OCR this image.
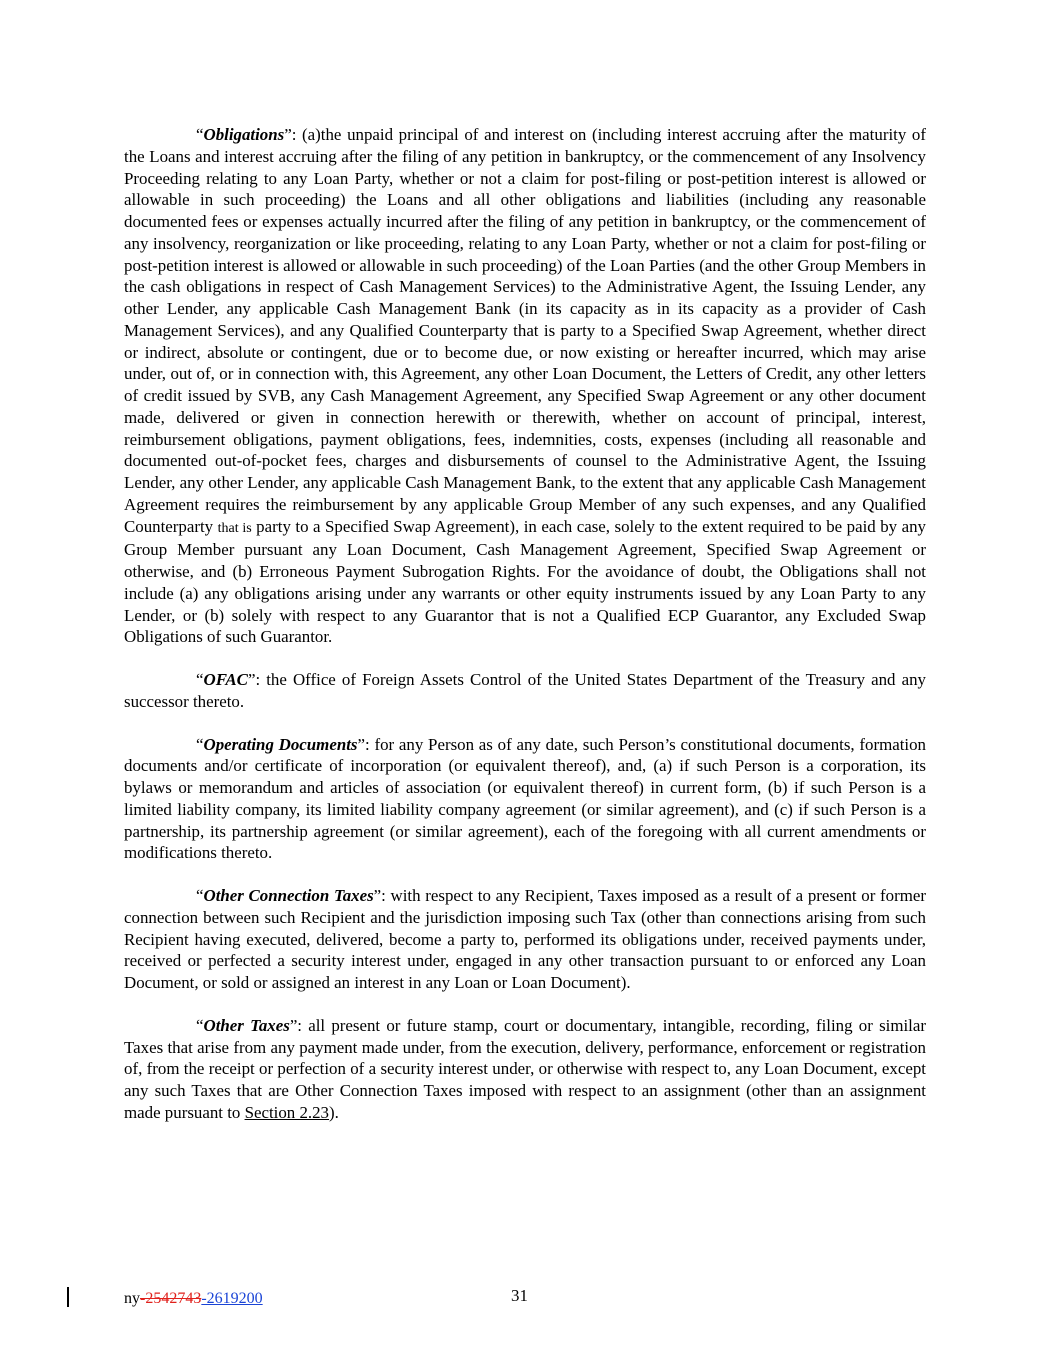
“Obligations”: (a)the unpaid principal of and interest on (including interest accruing after the maturity of the Loans and interest accruing after the filing of any petition in bankruptcy, or the commencement of any Insolvency Proceeding relating to any Loan Party, whether or not a claim for post-filing or post-petition interest is allowed or allowable in such proceeding) the Loans and all other obligations and liabilities (including any reasonable documented fees or expenses actually incurred after the filing of any petition in bankruptcy, or the commencement of any insolvency, reorganization or like proceeding, relating to any Loan Party, whether or not a claim for post-filing or post-petition interest is allowed or allowable in such proceeding) of the Loan Parties (and the other Group Members in the cash obligations in respect of Cash Management Services) to the Administrative Agent, the Issuing Lender, any other Lender, any applicable Cash Management Bank (in its capacity as in its capacity as a provider of Cash Management Services), and any Qualified Counterparty that is party to a Specified Swap Agreement, whether direct or indirect, absolute or contingent, due or to become due, or now existing or hereafter incurred, which may arise under, out of, or in connection with, this Agreement, any other Loan Document, the Letters of Credit, any other letters of credit issued by SVB, any Cash Management Agreement, any Specified Swap Agreement or any other document made, delivered or given in connection herewith or therewith, whether on account of principal, interest, reimbursement obligations, payment obligations, fees, indemnities, costs, expenses (including all reasonable and documented out-of-pocket fees, charges and disbursements of counsel to the Administrative Agent, the Issuing Lender, any other Lender, any applicable Cash Management Bank, to the extent that any applicable Cash Management Agreement requires the reimbursement by any applicable Group Member of any such expenses, and any Qualified Counterparty that is party to a Specified Swap Agreement), in each case, solely to the extent required to be paid by any Group Member pursuant any Loan Document, Cash Management Agreement, Specified Swap Agreement or otherwise, and (b) Erroneous Payment Subrogation Rights. For the avoidance of doubt, the Obligations shall not include (a) any obligations arising under any warrants or other equity instruments issued by any Loan Party to any Lender, or (b) solely with respect to any Guarantor that is not a Qualified ECP Guarantor, any Excluded Swap Obligations of such Guarantor.

“OFAC”: the Office of Foreign Assets Control of the United States Department of the Treasury and any successor thereto.

“Operating Documents”: for any Person as of any date, such Person’s constitutional documents, formation documents and/or certificate of incorporation (or equivalent thereof), and, (a) if such Person is a corporation, its bylaws or memorandum and articles of association (or equivalent thereof) in current form, (b) if such Person is a limited liability company, its limited liability company agreement (or similar agreement), and (c) if such Person is a partnership, its partnership agreement (or similar agreement), each of the foregoing with all current amendments or modifications thereto.

“Other Connection Taxes”: with respect to any Recipient, Taxes imposed as a result of a present or former connection between such Recipient and the jurisdiction imposing such Tax (other than connections arising from such Recipient having executed, delivered, become a party to, performed its obligations under, received payments under, received or perfected a security interest under, engaged in any other transaction pursuant to or enforced any Loan Document, or sold or assigned an interest in any Loan or Loan Document).

“Other Taxes”: all present or future stamp, court or documentary, intangible, recording, filing or similar Taxes that arise from any payment made under, from the execution, delivery, performance, enforcement or registration of, from the receipt or perfection of a security interest under, or otherwise with respect to, any Loan Document, except any such Taxes that are Other Connection Taxes imposed with respect to an assignment (other than an assignment made pursuant to Section 2.23).

ny-2542743-2619200	31
